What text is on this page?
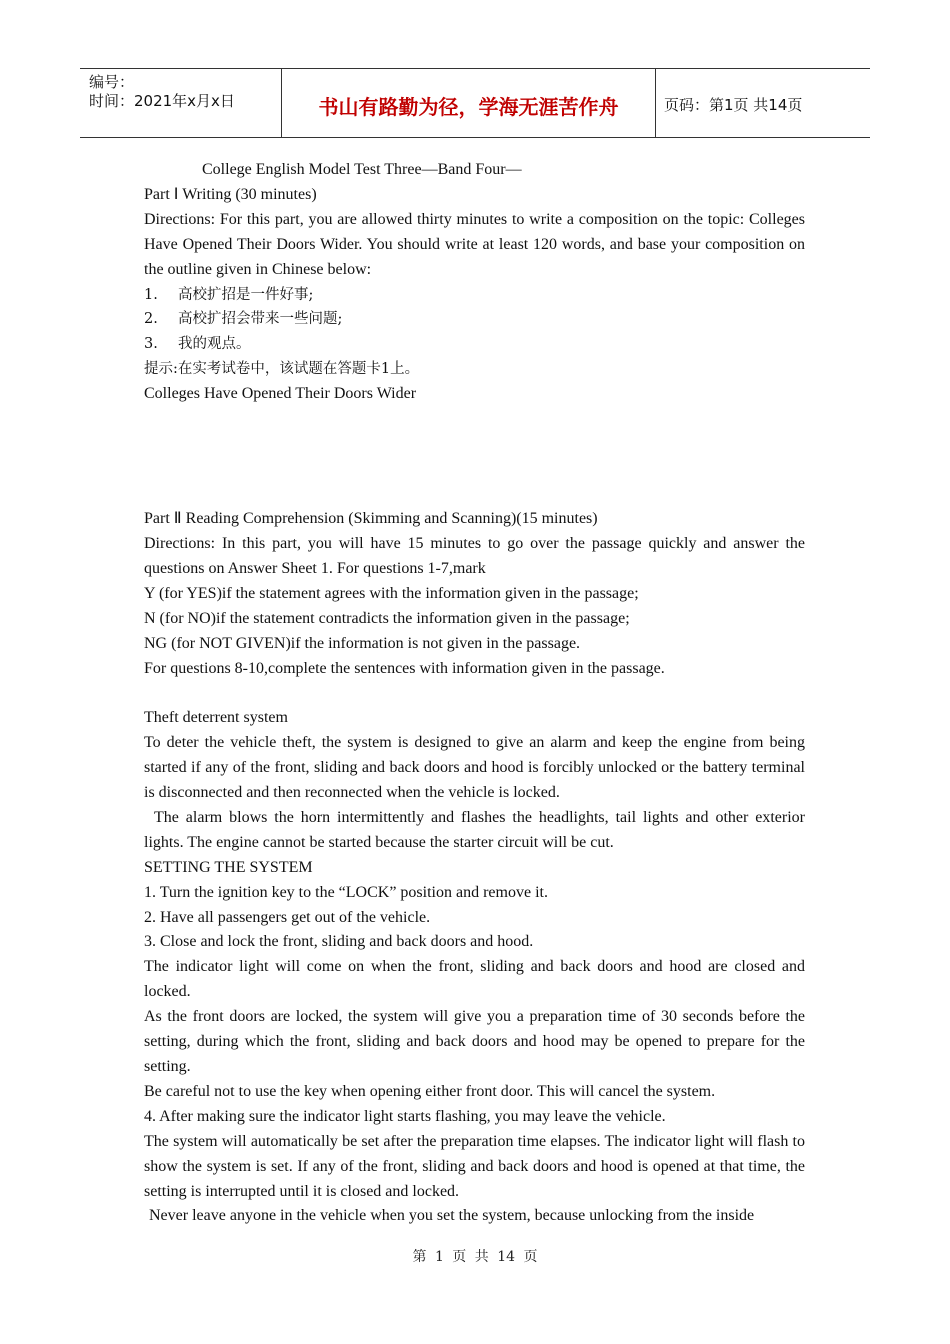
编号：
时间：2021年x月x日	书山有路勤为径，学海无涯苦作舟	页码：第1页 共14页

College English Model Test Three—Band Four—

Part Ⅰ Writing (30 minutes)

Directions: For this part, you are allowed thirty minutes to write a composition on the topic: Colleges Have Opened Their Doors Wider. You should write at least 120 words, and base your composition on the outline given in Chinese below:

1. 高校扩招是一件好事;

2. 高校扩招会带来一些问题;

3. 我的观点。

提示:在实考试卷中，该试题在答题卡1上。

Colleges Have Opened Their Doors Wider

Part Ⅱ Reading Comprehension (Skimming and Scanning)(15 minutes)

Directions: In this part, you will have 15 minutes to go over the passage quickly and answer the questions on Answer Sheet 1. For questions 1-7,mark

Y (for YES)if the statement agrees with the information given in the passage;

N (for NO)if the statement contradicts the information given in the passage;

NG (for NOT GIVEN)if the information is not given in the passage.

For questions 8-10,complete the sentences with information given in the passage.

Theft deterrent system

To deter the vehicle theft, the system is designed to give an alarm and keep the engine from being started if any of the front, sliding and back doors and hood is forcibly unlocked or the battery terminal is disconnected and then reconnected when the vehicle is locked.

The alarm blows the horn intermittently and flashes the headlights, tail lights and other exterior lights. The engine cannot be started because the starter circuit will be cut.

SETTING THE SYSTEM

1. Turn the ignition key to the “LOCK” position and remove it.

2. Have all passengers get out of the vehicle.

3. Close and lock the front, sliding and back doors and hood.

The indicator light will come on when the front, sliding and back doors and hood are closed and locked.

As the front doors are locked, the system will give you a preparation time of 30 seconds before the setting, during which the front, sliding and back doors and hood may be opened to prepare for the setting.

Be careful not to use the key when opening either front door. This will cancel the system.

4. After making sure the indicator light starts flashing, you may leave the vehicle.

The system will automatically be set after the preparation time elapses. The indicator light will flash to show the system is set. If any of the front, sliding and back doors and hood is opened at that time, the setting is interrupted until it is closed and locked.

Never leave anyone in the vehicle when you set the system, because unlocking from the inside

第 1 页 共 14 页
